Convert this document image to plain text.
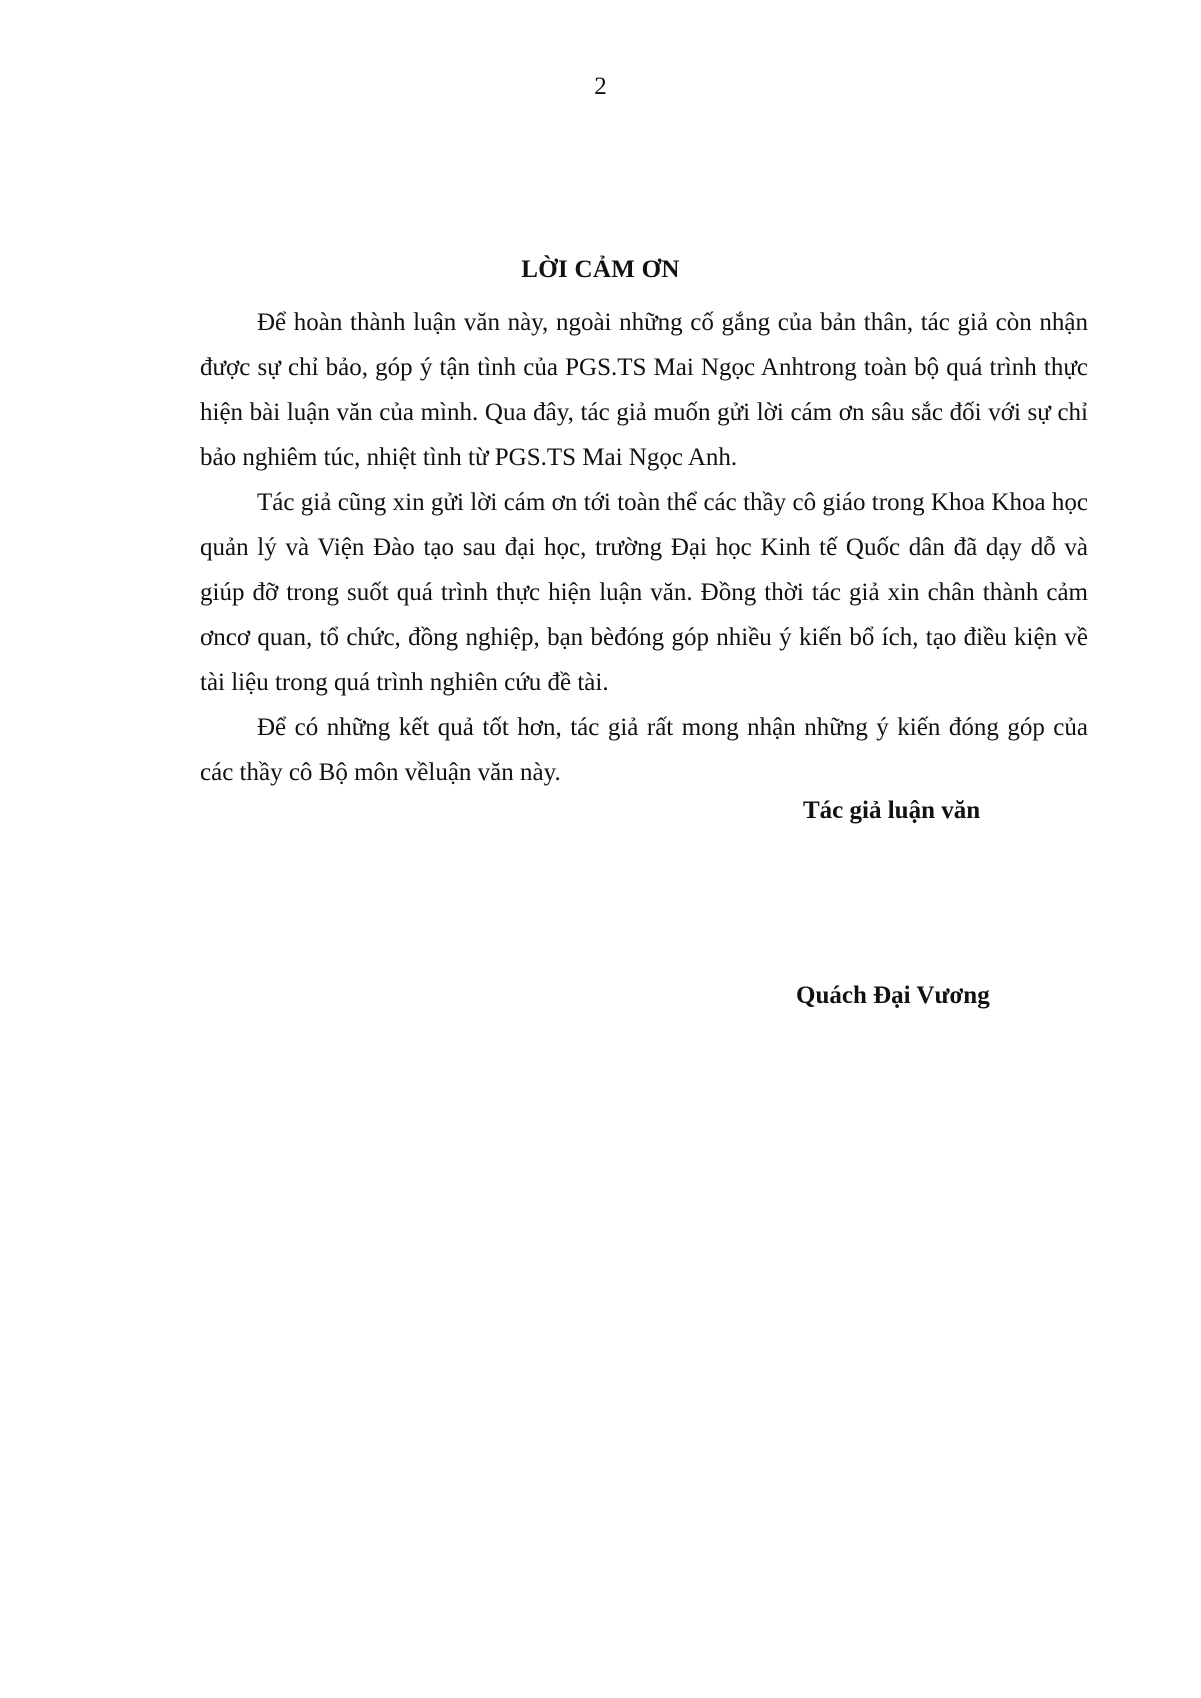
2
LỜI CẢM ƠN

Để hoàn thành luận văn này, ngoài những cố gắng của bản thân, tác giả còn nhận được sự chỉ bảo, góp ý tận tình của PGS.TS Mai Ngọc Anhtrong toàn bộ quá trình thực hiện bài luận văn của mình. Qua đây, tác giả muốn gửi lời cám ơn sâu sắc đối với sự chỉ bảo nghiêm túc, nhiệt tình từ PGS.TS Mai Ngọc Anh.

Tác giả cũng xin gửi lời cám ơn tới toàn thể các thầy cô giáo trong Khoa Khoa học quản lý và Viện Đào tạo sau đại học, trường Đại học Kinh tế Quốc dân đã dạy dỗ và giúp đỡ trong suốt quá trình thực hiện luận văn. Đồng thời tác giả xin chân thành cảm ơncơ quan, tổ chức, đồng nghiệp, bạn bèđóng góp nhiều ý kiến bổ ích, tạo điều kiện về tài liệu trong quá trình nghiên cứu đề tài.

Để có những kết quả tốt hơn, tác giả rất mong nhận những ý kiến đóng góp của các thầy cô Bộ môn vềluận văn này.

Tác giả luận văn
Quách Đại Vương
